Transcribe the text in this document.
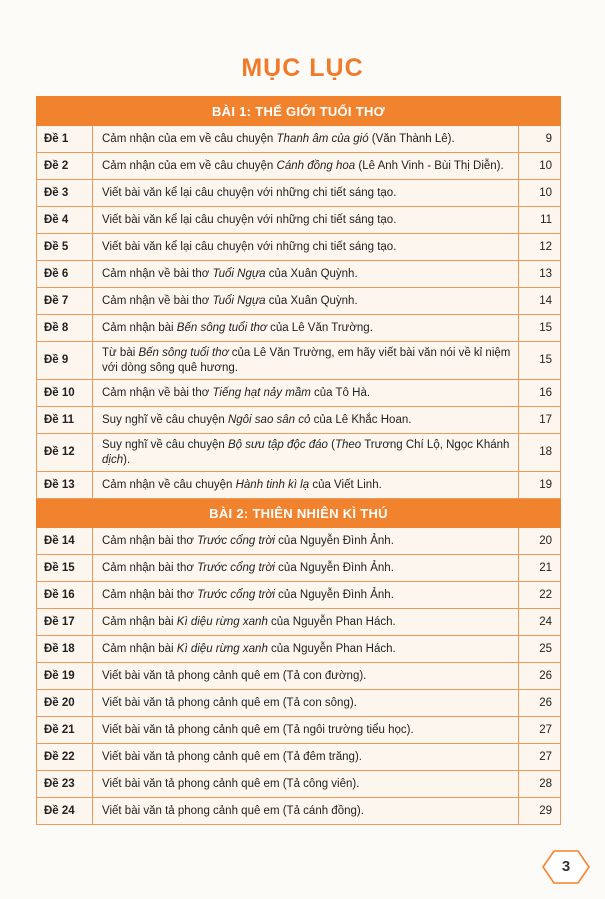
MỤC LỤC
BÀI 1: THẾ GIỚI TUỔI THƠ		
Đề 1	Cảm nhận của em về câu chuyện Thanh âm của gió (Văn Thành Lê).	9
Đề 2	Cảm nhận của em về câu chuyện Cánh đồng hoa (Lê Anh Vinh - Bùi Thị Diễn).	10
Đề 3	Viết bài văn kể lại câu chuyện với những chi tiết sáng tạo.	10
Đề 4	Viết bài văn kể lại câu chuyện với những chi tiết sáng tạo.	11
Đề 5	Viết bài văn kể lại câu chuyện với những chi tiết sáng tạo.	12
Đề 6	Cảm nhận về bài thơ Tuổi Ngựa của Xuân Quỳnh.	13
Đề 7	Cảm nhận về bài thơ Tuổi Ngựa của Xuân Quỳnh.	14
Đề 8	Cảm nhận bài Bến sông tuổi thơ của Lê Văn Trường.	15
Đề 9	Từ bài Bến sông tuổi thơ của Lê Văn Trường, em hãy viết bài văn nói về kỉ niệm với dòng sông quê hương.	15
Đề 10	Cảm nhận về bài thơ Tiếng hạt nảy mầm của Tô Hà.	16
Đề 11	Suy nghĩ về câu chuyện Ngôi sao sân cỏ của Lê Khắc Hoan.	17
Đề 12	Suy nghĩ về câu chuyện Bộ sưu tập độc đáo (Theo Trương Chí Lộ, Ngọc Khánh dịch).	18
Đề 13	Cảm nhận về câu chuyện Hành tinh kì lạ của Viết Linh.	19
BÀI 2: THIÊN NHIÊN KÌ THÚ		
Đề 14	Cảm nhận bài thơ Trước cổng trời của Nguyễn Đình Ảnh.	20
Đề 15	Cảm nhận bài thơ Trước cổng trời của Nguyễn Đình Ảnh.	21
Đề 16	Cảm nhận bài thơ Trước cổng trời của Nguyễn Đình Ảnh.	22
Đề 17	Cảm nhận bài Kì diệu rừng xanh của Nguyễn Phan Hách.	24
Đề 18	Cảm nhận bài Kì diệu rừng xanh của Nguyễn Phan Hách.	25
Đề 19	Viết bài văn tả phong cảnh quê em (Tả con đường).	26
Đề 20	Viết bài văn tả phong cảnh quê em (Tả con sông).	26
Đề 21	Viết bài văn tả phong cảnh quê em (Tả ngôi trường tiểu học).	27
Đề 22	Viết bài văn tả phong cảnh quê em (Tả đêm trăng).	27
Đề 23	Viết bài văn tả phong cảnh quê em (Tả công viên).	28
Đề 24	Viết bài văn tả phong cảnh quê em (Tả cánh đồng).	29
3
